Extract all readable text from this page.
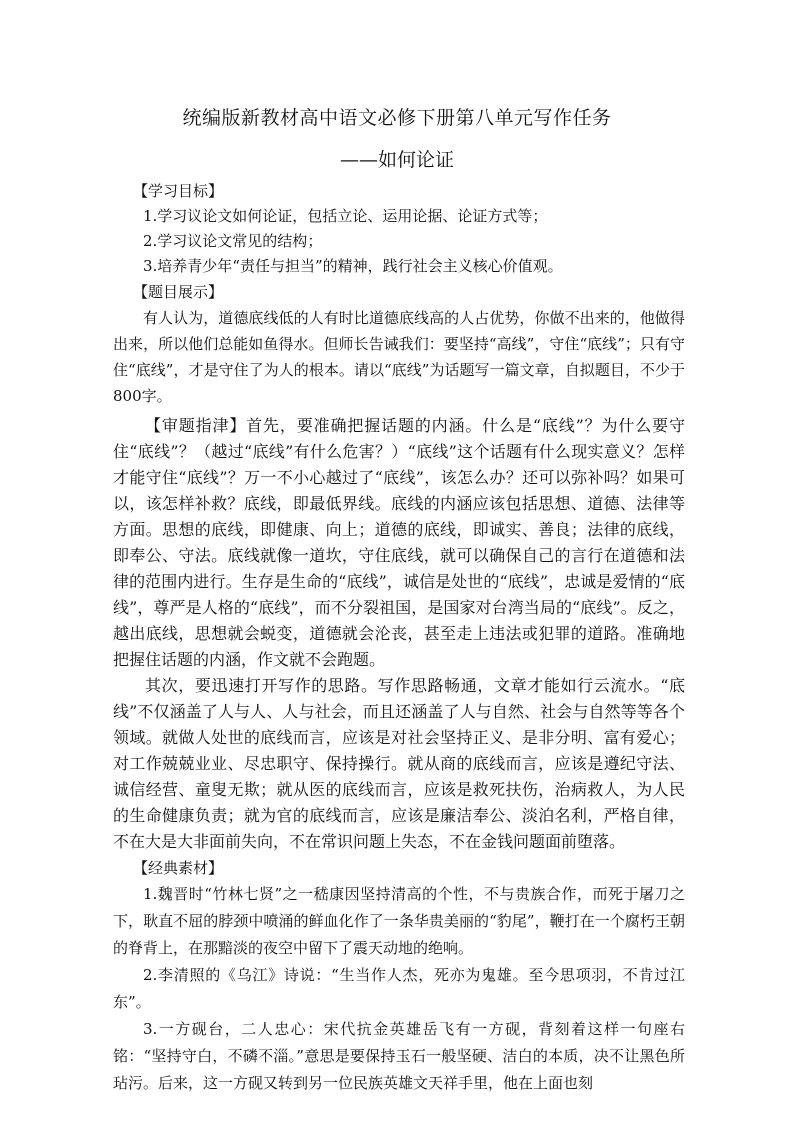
统编版新教材高中语文必修下册第八单元写作任务
——如何论证

【学习目标】

1.学习议论文如何论证，包括立论、运用论据、论证方式等；

2.学习议论文常见的结构；

3.培养青少年“责任与担当”的精神，践行社会主义核心价值观。

【题目展示】

有人认为，道德底线低的人有时比道德底线高的人占优势，你做不出来的，他做得出来，所以他们总能如鱼得水。但师长告诫我们：要坚持“高线”，守住“底线”；只有守住“底线”，才是守住了为人的根本。请以“底线”为话题写一篇文章，自拟题目，不少于800字。

【审题指津】首先，要准确把握话题的内涵。什么是“底线”？为什么要守住“底线”？（越过“底线”有什么危害？）“底线”这个话题有什么现实意义？怎样才能守住“底线”？万一不小心越过了“底线”，该怎么办？还可以弥补吗？如果可以，该怎样补救？底线，即最低界线。底线的内涵应该包括思想、道德、法律等方面。思想的底线，即健康、向上；道德的底线，即诚实、善良；法律的底线，即奉公、守法。底线就像一道坎，守住底线，就可以确保自己的言行在道德和法律的范围内进行。生存是生命的“底线”，诚信是处世的“底线”，忠诚是爱情的“底线”，尊严是人格的“底线”，而不分裂祖国，是国家对台湾当局的“底线”。反之，越出底线，思想就会蜕变，道德就会沦丧，甚至走上违法或犯罪的道路。准确地把握住话题的内涵，作文就不会跑题。

其次，要迅速打开写作的思路。写作思路畅通，文章才能如行云流水。“底线”不仅涵盖了人与人、人与社会，而且还涵盖了人与自然、社会与自然等等各个领域。就做人处世的底线而言，应该是对社会坚持正义、是非分明、富有爱心；对工作兢兢业业、尽忠职守、保持操行。就从商的底线而言，应该是遵纪守法、诚信经营、童叟无欺；就从医的底线而言，应该是救死扶伤，治病救人，为人民的生命健康负责；就为官的底线而言，应该是廉洁奉公、淡泊名利，严格自律，不在大是大非面前失向，不在常识问题上失态，不在金钱问题面前堕落。

【经典素材】

1.魏晋时“竹林七贤”之一嵇康因坚持清高的个性，不与贵族合作，而死于屠刀之下，耿直不屈的脖颈中喷涌的鲜血化作了一条华贵美丽的“豹尾”，鞭打在一个腐朽王朝的脊背上，在那黯淡的夜空中留下了震天动地的绝响。

2.李清照的《乌江》诗说：“生当作人杰，死亦为鬼雄。至今思项羽，不肯过江东”。

3.一方砚台，二人忠心：宋代抗金英雄岳飞有一方砚，背刻着这样一句座右铭：“坚持守白，不磷不淄。”意思是要保持玉石一般坚硬、洁白的本质，决不让黑色所玷污。后来，这一方砚又转到另一位民族英雄文天祥手里，他在上面也刻
